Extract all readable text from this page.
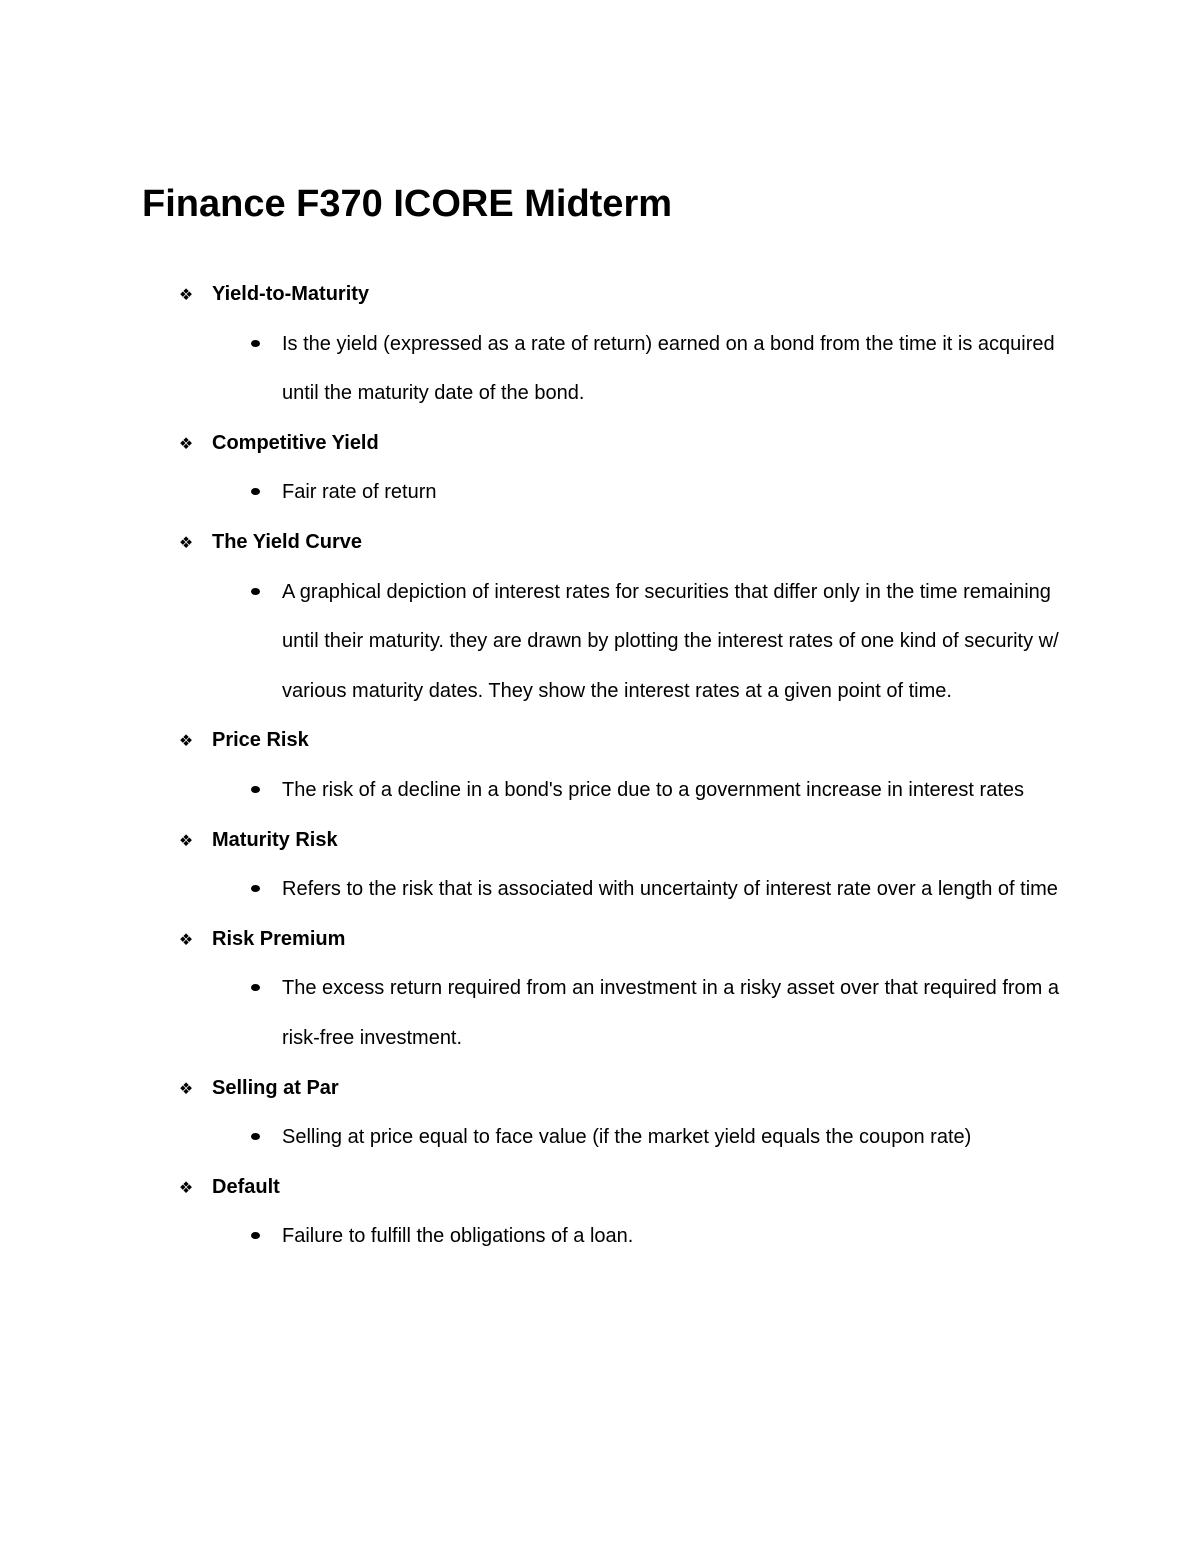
Finance F370 ICORE Midterm
❖ Yield-to-Maturity
Is the yield (expressed as a rate of return) earned on a bond from the time it is acquired until the maturity date of the bond.
❖ Competitive Yield
Fair rate of return
❖ The Yield Curve
A graphical depiction of interest rates for securities that differ only in the time remaining until their maturity. they are drawn by plotting the interest rates of one kind of security w/ various maturity dates. They show the interest rates at a given point of time.
❖ Price Risk
The risk of a decline in a bond's price due to a government increase in interest rates
❖ Maturity Risk
Refers to the risk that is associated with uncertainty of interest rate over a length of time
❖ Risk Premium
The excess return required from an investment in a risky asset over that required from a risk-free investment.
❖ Selling at Par
Selling at price equal to face value (if the market yield equals the coupon rate)
❖ Default
Failure to fulfill the obligations of a loan.
